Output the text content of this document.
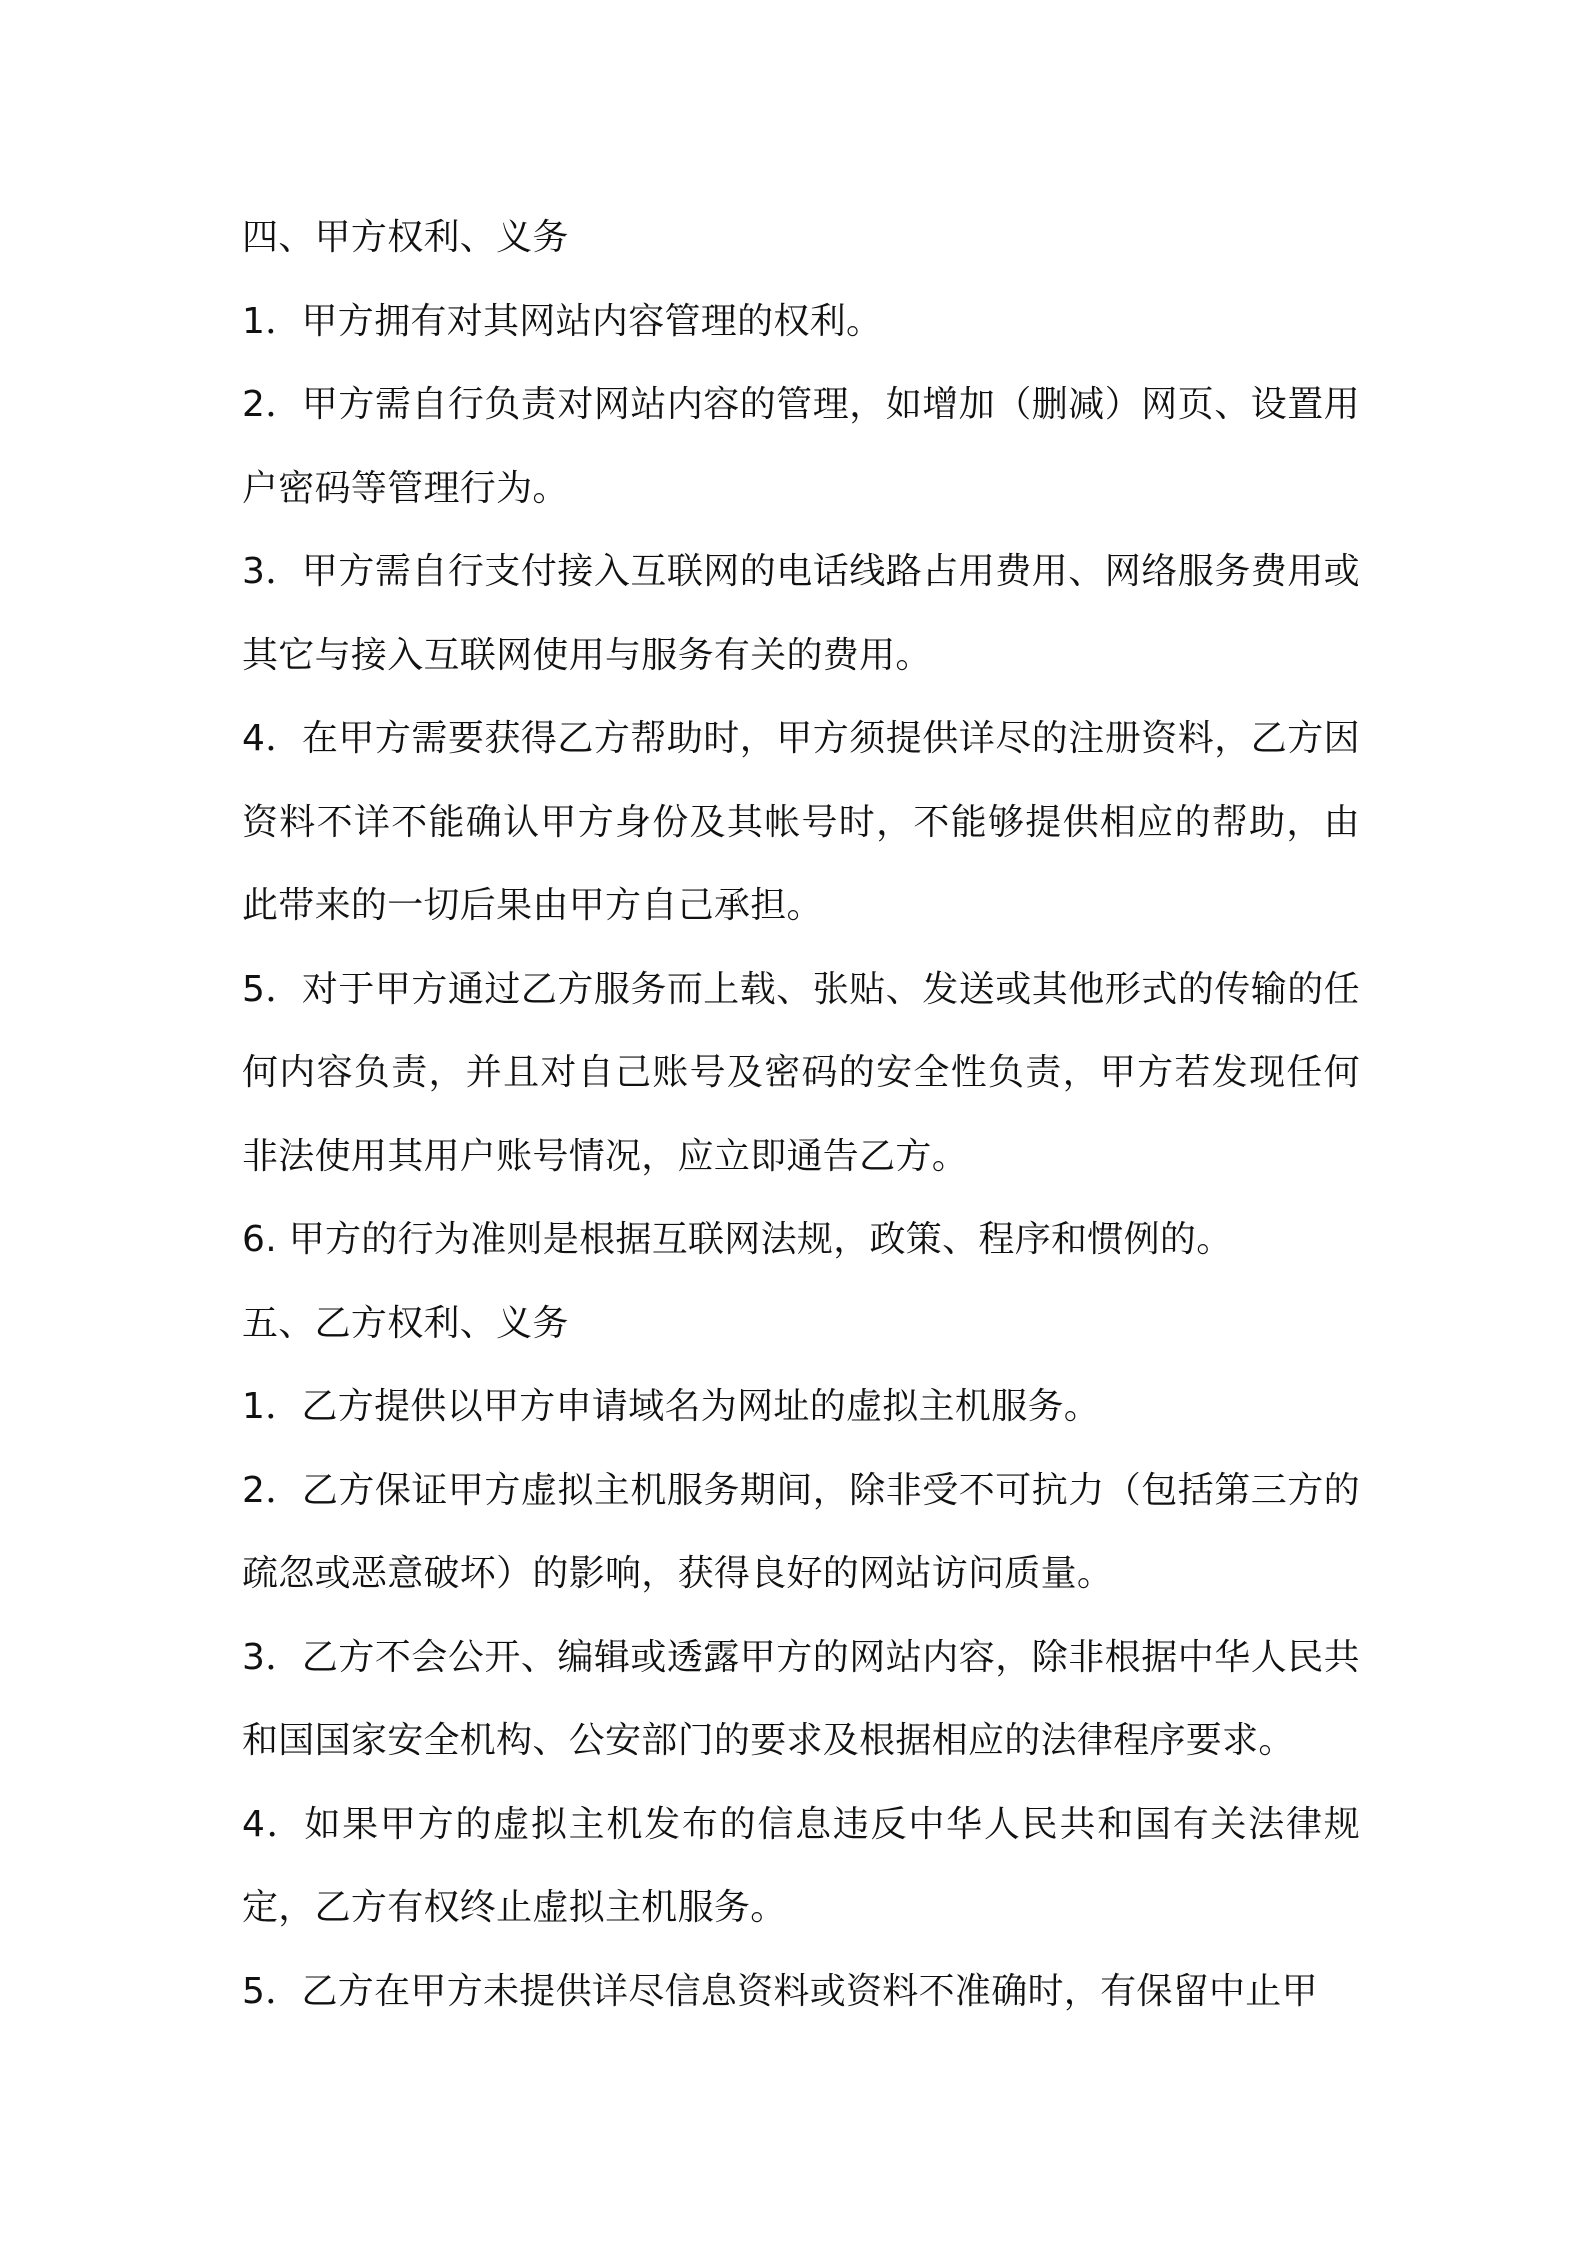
四、甲方权利、义务

1．甲方拥有对其网站内容管理的权利。

2．甲方需自行负责对网站内容的管理，如增加（删减）网页、设置用户密码等管理行为。

3．甲方需自行支付接入互联网的电话线路占用费用、网络服务费用或其它与接入互联网使用与服务有关的费用。

4．在甲方需要获得乙方帮助时，甲方须提供详尽的注册资料，乙方因资料不详不能确认甲方身份及其帐号时，不能够提供相应的帮助，由此带来的一切后果由甲方自己承担。

5．对于甲方通过乙方服务而上载、张贴、发送或其他形式的传输的任何内容负责，并且对自己账号及密码的安全性负责，甲方若发现任何非法使用其用户账号情况，应立即通告乙方。

6. 甲方的行为准则是根据互联网法规，政策、程序和惯例的。

五、乙方权利、义务

1．乙方提供以甲方申请域名为网址的虚拟主机服务。

2．乙方保证甲方虚拟主机服务期间，除非受不可抗力（包括第三方的疏忽或恶意破坏）的影响，获得良好的网站访问质量。

3．乙方不会公开、编辑或透露甲方的网站内容，除非根据中华人民共和国国家安全机构、公安部门的要求及根据相应的法律程序要求。

4．如果甲方的虚拟主机发布的信息违反中华人民共和国有关法律规定，乙方有权终止虚拟主机服务。

5．乙方在甲方未提供详尽信息资料或资料不准确时，有保留中止甲
